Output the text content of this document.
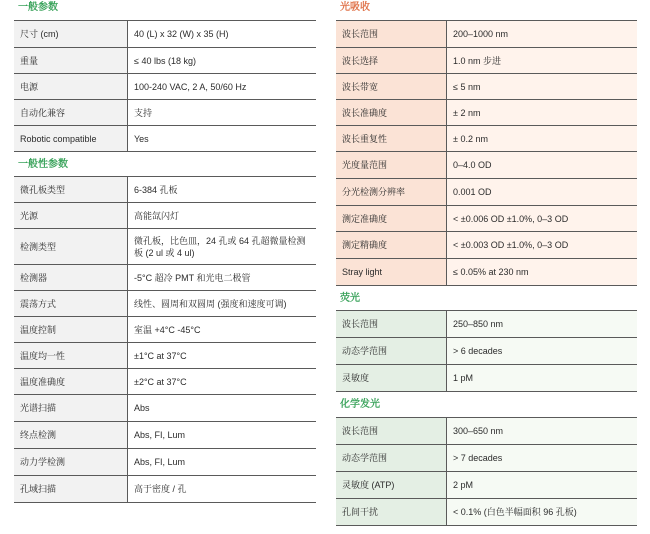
一般参数
尺寸 (cm)	40 (L) x 32 (W) x 35 (H)
重量	≤ 40 lbs (18 kg)
电源	100-240 VAC, 2 A, 50/60 Hz
自动化兼容	支持
Robotic compatible	Yes
一般性参数
微孔板类型	6-384 孔板
光源	高能氙闪灯
检测类型	微孔板，比色皿，24 孔或 64 孔超微量检测板 (2 ul 或 4 ul)
检测器	-5°C 超冷 PMT 和光电二极管
震荡方式	线性、圆周和双圆周 (强度和速度可调)
温度控制	室温 +4°C -45°C
温度均一性	±1°C at 37°C
温度准确度	±2°C at 37°C
光谱扫描	Abs
终点检测	Abs, FI, Lum
动力学检测	Abs, FI, Lum
孔域扫描	高于密度 / 孔
光吸收
波长范围	200–1000 nm
波长选择	1.0 nm 步进
波长带宽	≤ 5 nm
波长准确度	± 2 nm
波长重复性	± 0.2 nm
光度量范围	0–4.0 OD
分光检测分辨率	0.001 OD
测定准确度	< ±0.006 OD ±1.0%, 0–3 OD
测定精确度	< ±0.003 OD ±1.0%, 0–3 OD
Stray light	≤ 0.05% at 230 nm
荧光
波长范围	250–850 nm
动态学范围	> 6 decades
灵敏度	1 pM
化学发光
波长范围	300–650 nm
动态学范围	> 7 decades
灵敏度 (ATP)	2 pM
孔间干扰	< 0.1% (白色半幅面积 96 孔板)
